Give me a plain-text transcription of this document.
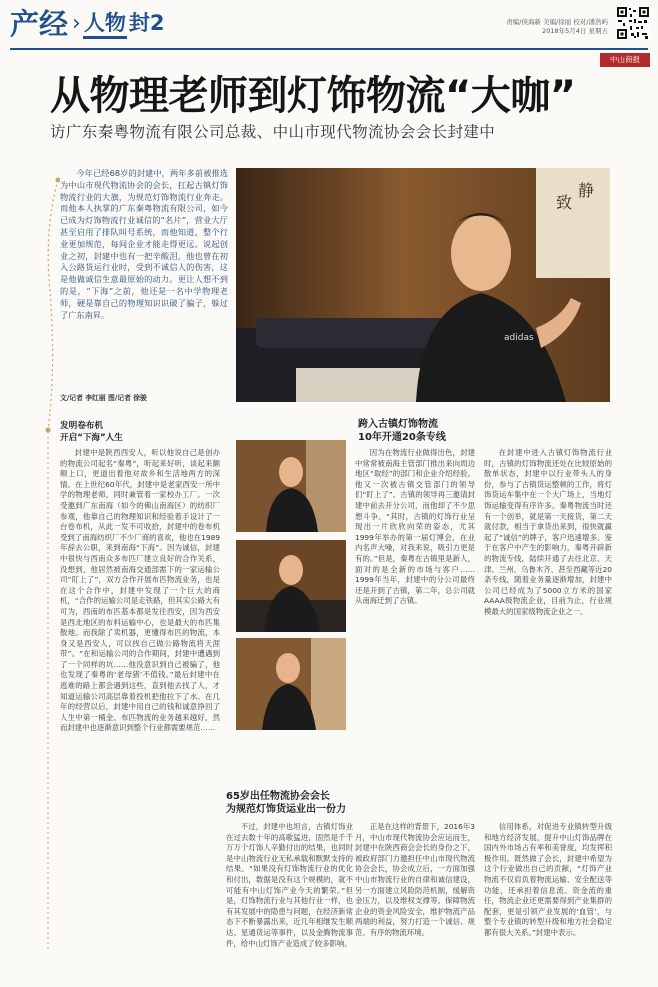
产经 › 人物 封2	责编/侯海新 美编/徐丽 校对/潘浩屿
2018年5月4日 星期五
中山商报
从物理老师到灯饰物流“大咖”
访广东秦粤物流有限公司总裁、中山市现代物流协会会长封建中

今年已经68岁的封建中，两年多前被推选为中山市现代物流协会的会长，扛起古镇灯饰物流行业的大旗，为规范灯饰物流行业奔走。而他本人执掌的广东秦粤物流有限公司，如今已成为灯饰物流行业诚信的“名片”，营业大厅甚至启用了排队叫号系统，而他知道，整个行业更加规范，每间企业才能走得更远。说起创业之初，封建中也有一把辛酸泪，他也曾在初入公路货运行业时，受到不诚信人的伤害，这是他做诚信生意最原始的动力。更让人想不到的是，“下海”之前，他还是一名中学物理老师，硬是靠自己的物理知识识破了骗子，躲过了广东南昇。

文/记者 李红丽 图/记者 徐骏
致
静
adidas
发明卷布机
开启“下海”人生

封建中是陕西西安人，听以他说自己是创办的物流公司起名“秦粤”，听起来好听，谈起来颇顺上口，更道出着他对故乡和生活地两方的深情。在上世纪60年代，封建中是老家西安一所中学的物理老师，同时兼管着一家校办工厂。一次受邀到广东南海（如今的佛山南海区）的纺织厂参观，他靠自己的物理知识和经验着手设计了一台卷布机，从此一发不可收拾，封建中的卷布机受到了南海纺织厂不少厂商的喜欢，他也在1989年辞去公职，来到南海“下海”。因为诚信，封建中很快与西南众多布匹厂建立良好的合作关系，没想到，他居然被南海交通部需下的一家运输公司“盯上了”，双方合作开展布匹物流业务，也是在这个合作中，封建中发现了一个巨大的商机，“合作的运输公司是走铁路，但其实公路大有可为，西南的布匹基本都是发往西安，因为西安是西北地区的布料运输中心，也是最大的布匹集散地。而我除了卖机器，更懂得布匹的物流，本身又是西安人，可以找自己做公路物流将天涯带”。“在和运输公司的合作期间，封建中遭遇到了一个同样的坑……他没意识到自己被骗了，他也发现了秦粤的‘老母猪’不值钱。”最后封建中在逃难的路上都会遇到这些，直到他去找了人，才知道运输公司高层靠着投机把他拉下了水。在几年的经营以后，封建中用自己的钱和诚意挣回了人生中第一桶金。布匹物流的业务越来越好，然而封建中也逐渐意识到整个行业都需要规范……

跨入古镇灯饰物流
10年开通20条专线

因为在物流行业做得出色，封建中常常被南海主管部门推出来向周边地区“取经”的部门和企业介绍经验。他又一次被古镇交管部门的领导们“盯上了”。古镇的领导再三邀请封建中前去开分公司，而他却了不少思想斗争。“其时，古镇的灯饰行业呈现出一片欣欣向荣的姿态，尤其1999年举办的第一届灯博会，在业内名声大噪，对我来说，吸引力更是有的。”但是，秦粤在古镇里是新人，面对的是全新的市场与客户……1999年当年，封建中的分公司最终还是开到了古镇，第二年，总公司就从南海迁到了古镇。

在封建中进入古镇灯饰物流行业时，古镇的灯饰物流还处在比较原始的散单状态，封建中以行业带头人的身份，参与了古镇货运整顿的工作，将灯饰货运车集中在一个大广场上，当地灯饰运输变得有序许多。秦粤物流当时还有一个创举，就是第一天接货，第二天就付款，相当于拿货出来到，很快就赢起了“诚信”的牌子，客户迅速增多。鉴于在客户中产生的影响力，秦粤开辟新的物流专线，陆续开通了去往北京、天津、兰州、乌鲁木齐、甚至西藏等近20条专线，随着业务量逐渐增加，封建中公司已经成为了5000立方米的国家AAAA级物流企业，目前为止，行业规模最大的国家级物流企业之一。

65岁出任物流协会会长
为规范灯饰货运业出一份力

不过，封建中也坦言，古镇灯饰业在过去数十年的高歌猛进，固然是千千万万个灯饰人辛勤付出的结果，也同时是中山物流行业无私承载和默默支持的结果。“如果没有灯饰物流行业的优化和付出，数据是没有这个规模的，就不可能有中山灯饰产业今天的繁荣。”但是，灯饰物流行业与其他行业一样，也有其发展中的隐患与问题，在经济新常态下不断暴露出来，近几年相继发生顺达、星通货运等事件，以及金腾物流事件，给中山灯饰产业造成了较多影响。

正是在这样的背景下，2016年3月，中山市现代物流协会应运而生，封建中在陕西商会会长的身份之下，被政府部门力邀担任中山市现代物流协会会长，协会成立后，一方面加强中山市物流行业的自律和诚信建设，另一方面建立风险防范机制，缓解资金压力，以及维权支撑等。保障物流企业的资金风险安全，维护物流产品两端的利益，努力打造一个诚信、规范、有序的物流环境。

信用体系，对促进专业镇转型升级和地方经济发展，提升中山灯饰品牌在国内外市场占有率和美誉度，均发挥积极作用。既然做了会长，封建中希望为这个行业做出自己的贡献，“灯饰产业物流不仅肩负着物流运输、安全配送等功能，还承担着信息流、资金流的重任，物流企业还更需要得到产业集群的配套，更是引领产业发展的‘血管’，与整个专业镇的转型升级和地方社会稳定都有很大关系。”封建中表示。
